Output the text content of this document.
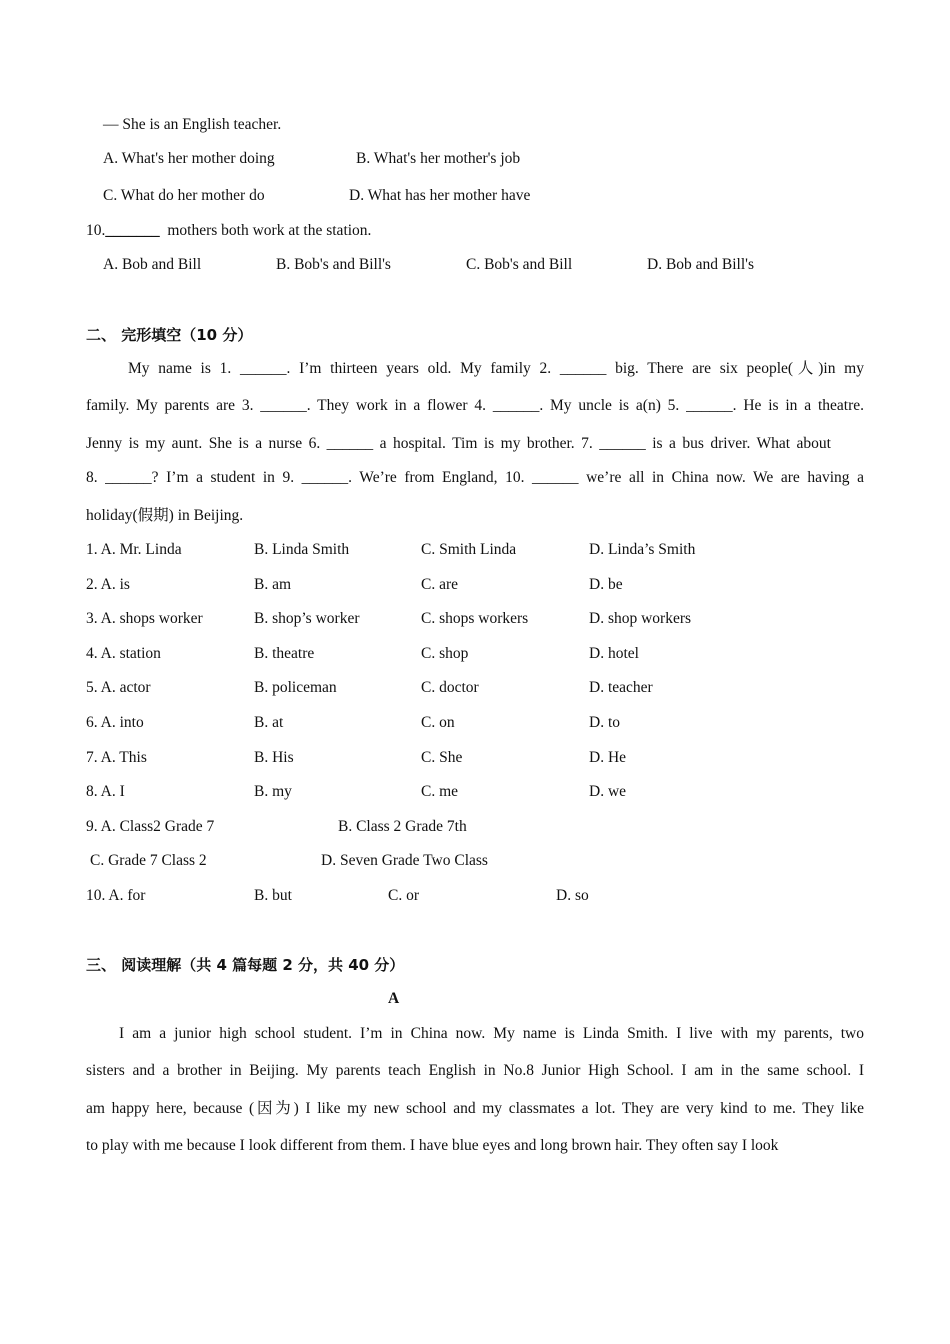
— She is an English teacher.
A. What's her mother doing	B. What's her mother's job
C. What do her mother do	D. What has her mother have
10._______ mothers both work at the station.
A. Bob and Bill	B. Bob's and Bill's	C. Bob's and Bill	D. Bob and Bill's
二、 完形填空（10 分）
My name is 1. ______. I’m thirteen years old. My family 2. ______ big. There are six people(人)in my
family. My parents are 3. ______. They work in a flower 4. ______. My uncle is a(n) 5. ______. He is in a theatre.
Jenny is my aunt. She is a nurse 6. ______ a hospital. Tim is my brother. 7. ______ is a bus driver. What about
8. ______? I’m a student in 9. ______. We’re from England, 10. ______ we’re all in China now. We are having a
holiday(假期) in Beijing.
1. A. Mr. Linda	B. Linda Smith	C. Smith Linda	D. Linda’s Smith
2. A. is	B. am	C. are	D. be
3. A. shops worker	B. shop’s worker	C. shops workers	D. shop workers
4. A. station	B. theatre	C. shop	D. hotel
5. A. actor	B. policeman	C. doctor	D. teacher
6. A. into	B. at	C. on	D. to
7. A. This	B. His	C. She	D. He
8. A. I	B. my	C. me	D. we
9. A. Class2 Grade 7	B. Class 2 Grade 7th
C. Grade 7 Class 2	D. Seven Grade Two Class
10. A. for	B. but	C. or	D. so
三、 阅读理解（共 4 篇每题 2 分，共 40 分）
A
I am a junior high school student. I’m in China now. My name is Linda Smith. I live with my parents, two
sisters and a brother in Beijing. My parents teach English in No.8 Junior High School. I am in the same school. I
am happy here, because (因为) I like my new school and my classmates a lot. They are very kind to me. They like
to play with me because I look different from them. I have blue eyes and long brown hair. They often say I look
